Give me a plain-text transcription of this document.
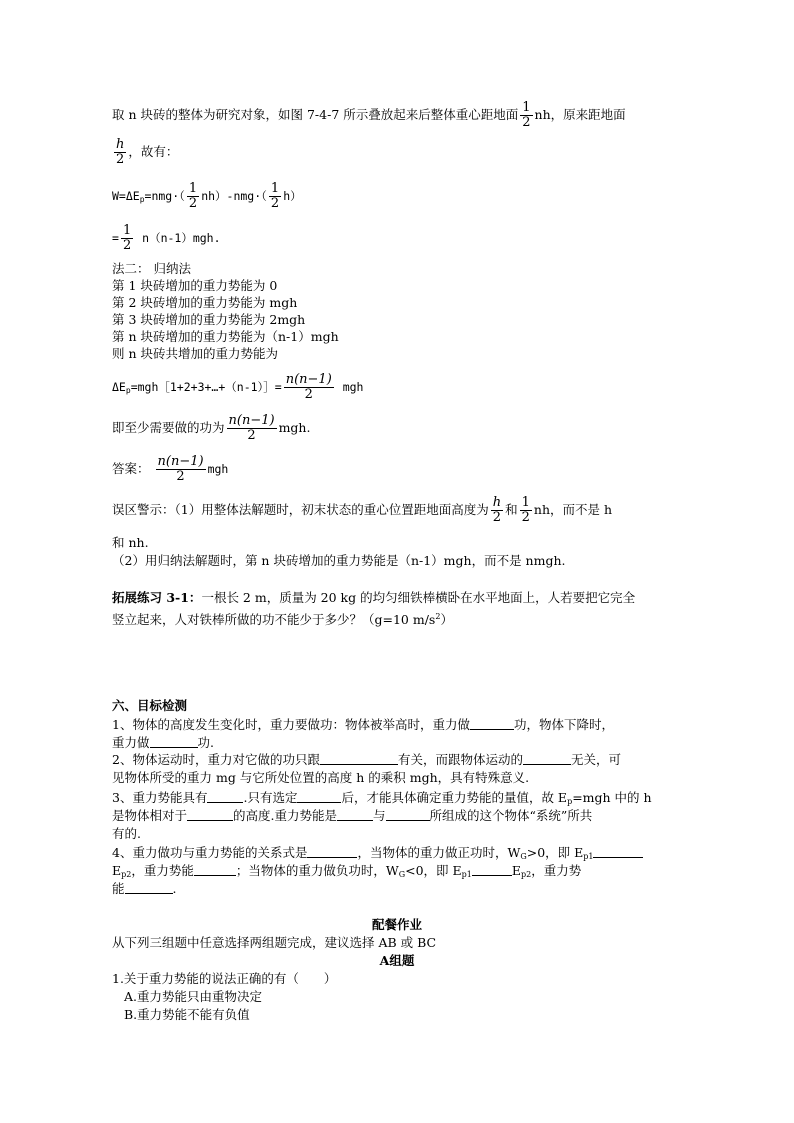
取 n 块砖的整体为研究对象，如图 7-4-7 所示叠放起来后整体重心距地面 $\frac{1}{2}$ nh，原来距地面
$\frac{h}{2}$ ，故有：
$W=\Delta E_p=nmg\cdot( \frac{1}{2} nh)-nmg\cdot( \frac{1}{2} h)$
= $\frac{1}{2} n(n-1)mgh$.
法二： 归纳法
第 1 块砖增加的重力势能为 0
第 2 块砖增加的重力势能为 mgh
第 3 块砖增加的重力势能为 2mgh
第 n 块砖增加的重力势能为（n-1）mgh
则 n 块砖共增加的重力势能为
$\Delta E_p=mgh[1+2+3+\dots+(n-1)]= \frac{n(n-1)}{2}$ mgh
即至少需要做的功为 $\frac{n(n-1)}{2}$ mgh.
答案： $\frac{n(n-1)}{2}$ mgh
误区警示：（1）用整体法解题时，初末状态的重心位置距地面高度为 $\frac{h}{2}$ 和 $\frac{1}{2}$ nh，而不是 h
和 nh.
（2）用归纳法解题时，第 n 块砖增加的重力势能是（n-1）mgh，而不是 nmgh.
拓展练习 3-1：一根长 2 m，质量为 20 kg 的均匀细铁棒横卧在水平地面上，人若要把它完全
竖立起来，人对铁棒所做的功不能少于多少？（g=10 $m/s^2$）
六、目标检测
1、物体的高度发生变化时，重力要做功：物体被举高时，重力做	功，物体下降时，
重力做	功.
2、物体运动时，重力对它做的功只跟	有关，而跟物体运动的	无关，可
见物体所受的重力 mg 与它所处位置的高度 h 的乘积 mgh，具有特殊意义.
3、重力势能具有	.只有选定	后，才能具体确定重力势能的量值，故 $E_p=mgh$ 中的 h
是物体相对于	的高度.重力势能是	与	所组成的这个物体“系统”所共
有的.
4、重力做功与重力势能的关系式是	，当物体的重力做正功时，$W_G>0$，即 $E_{p1}$
$E_{p2}$，重力势能	；当物体的重力做负功时，$W_G<0$，即 $E_{p1}$	$E_{p2}$，重力势
能	.
配餐作业
从下列三组题中任意选择两组题完成，建议选择 AB 或 BC
A组题
1.关于重力势能的说法正确的有（　　）
A.重力势能只由重物决定
B.重力势能不能有负值
